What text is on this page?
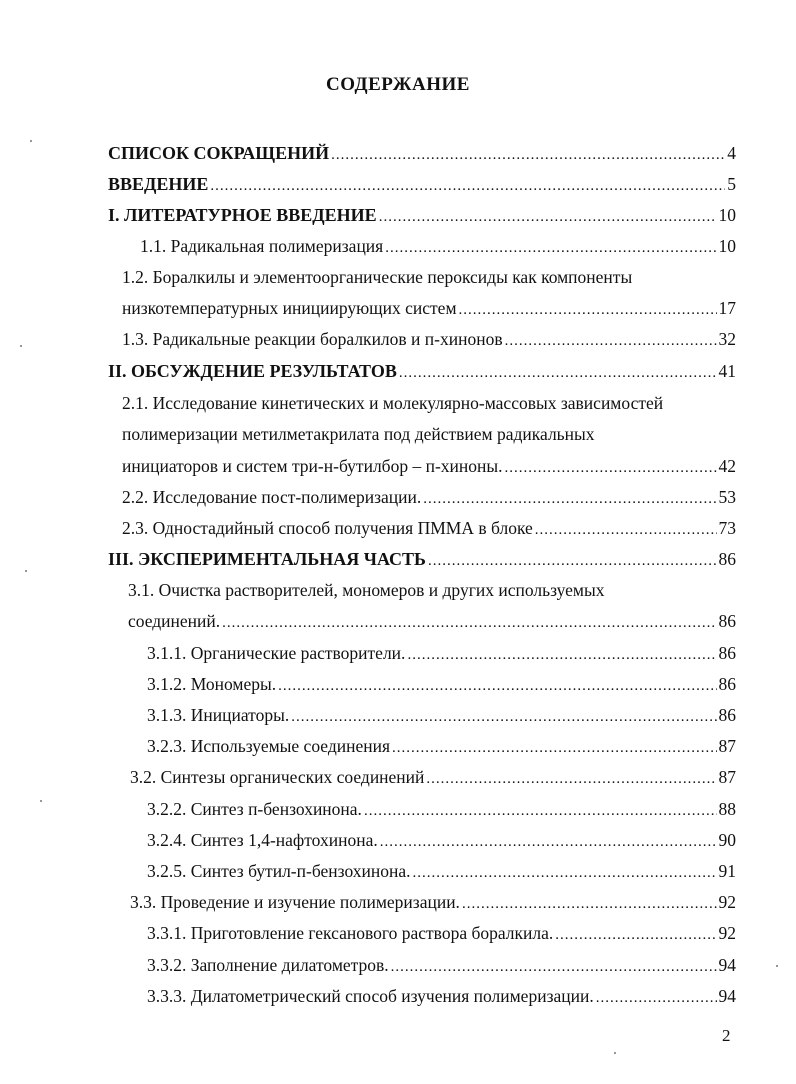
СОДЕРЖАНИЕ
СПИСОК СОКРАЩЕНИЙ .....	4
ВВЕДЕНИЕ .....	5
I. ЛИТЕРАТУРНОЕ ВВЕДЕНИЕ .....	10
1.1. Радикальная полимеризация .....	10
1.2. Боралкилы и элементоорганические пероксиды как компоненты
низкотемпературных инициирующих систем .....	17
1.3. Радикальные реакции боралкилов и п-хинонов .....	32
II. ОБСУЖДЕНИЕ РЕЗУЛЬТАТОВ .....	41
2.1. Исследование кинетических и молекулярно-массовых зависимостей
полимеризации метилметакрилата под действием радикальных
инициаторов и систем три-н-бутилбор – п-хиноны. .....	42
2.2. Исследование пост-полимеризации. .....	53
2.3. Одностадийный способ получения ПММА в блоке .....	73
III. ЭКСПЕРИМЕНТАЛЬНАЯ ЧАСТЬ .....	86
3.1. Очистка растворителей, мономеров и других используемых
соединений. .....	86
3.1.1. Органические растворители. .....	86
3.1.2. Мономеры. .....	86
3.1.3. Инициаторы. .....	86
3.2.3. Используемые соединения .....	87
3.2. Синтезы органических соединений .....	87
3.2.2. Синтез п-бензохинона. .....	88
3.2.4. Синтез 1,4-нафтохинона. .....	90
3.2.5. Синтез бутил-п-бензохинона. .....	91
3.3. Проведение и изучение полимеризации. .....	92
3.3.1. Приготовление гексанового раствора боралкила. .....	92
3.3.2. Заполнение дилатометров. .....	94
3.3.3. Дилатометрический способ изучения полимеризации. .....	94
2
